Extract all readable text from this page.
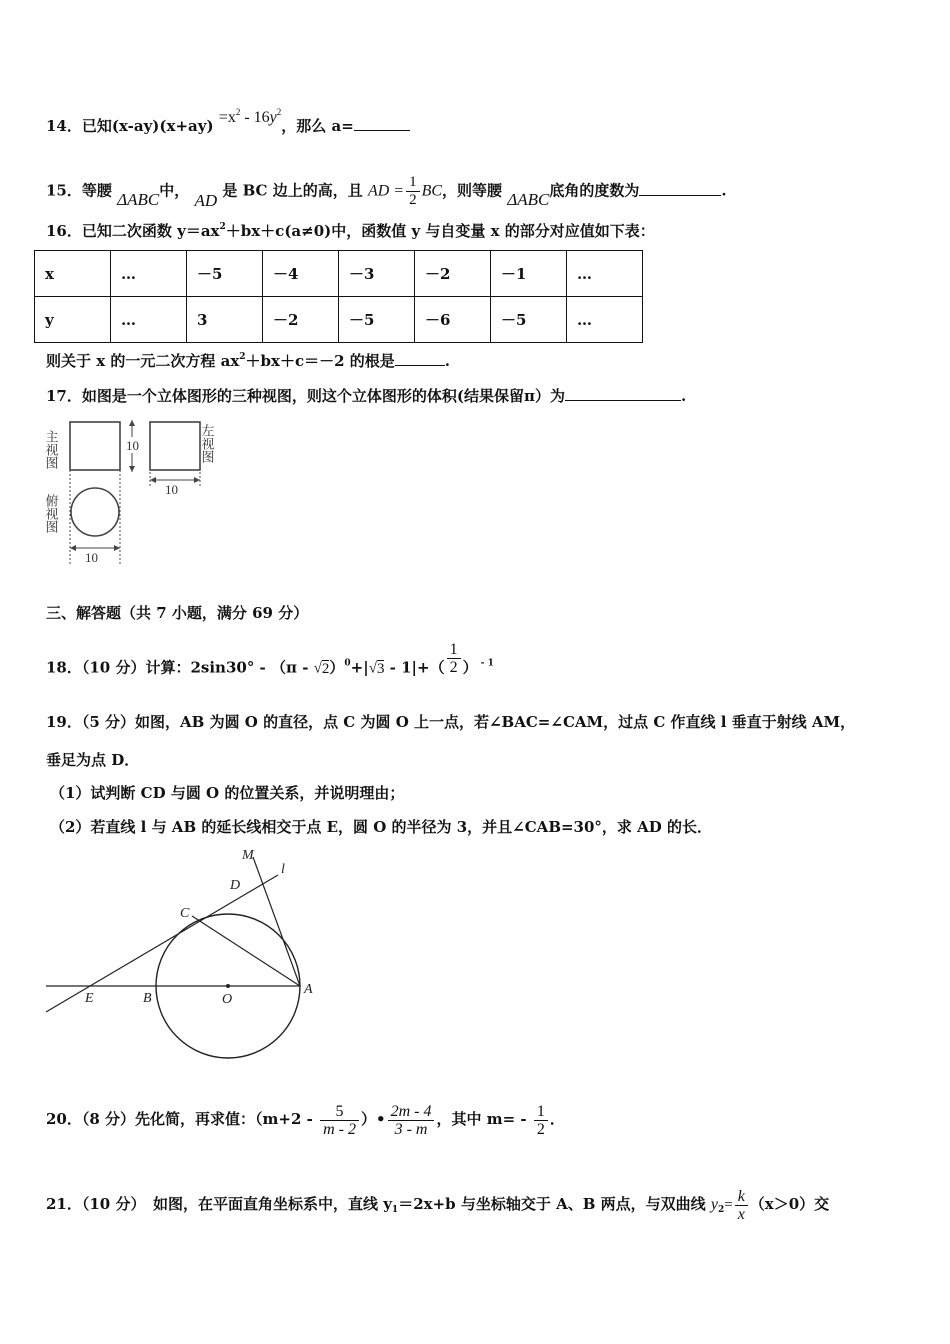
14．已知$(x-ay)(x+ay) =x^2 - 16y^2$，那么 a=
15．等腰 ΔABC中， AD 是 BC 边上的高，且 AD = $\frac{1}{2}$ BC，则等腰 ΔABC底角的度数为	.
16．已知二次函数 $y=ax^2+bx+c(a\ne 0)$中，函数值 y 与自变量 x 的部分对应值如下表：
x	…	－5	－4	－3	－2	－1	…
y	…	3	－2	－5	－6	－5	…
则关于 x 的一元二次方程 $ax^2+bx+c=-2$ 的根是	.
17．如图是一个立体图形的三种视图，则这个立体图形的体积(结果保留π）为	.
主视图	左视图
俯视图
10
10
10
三、解答题（共 7 小题，满分 69 分）
18．（10 分）计算：$2\sin 30^\circ - (\pi - √2)^0+|√3 - 1|+( \frac{1}{2}$ ） $^{- 1}$
19．（5 分）如图，AB 为圆 O 的直径，点 C 为圆 O 上一点，若∠BAC=∠CAM，过点 C 作直线 l 垂直于射线 AM，
垂足为点 D．
（1）试判断 CD 与圆 O 的位置关系，并说明理由；
（2）若直线 l 与 AB 的延长线相交于点 E，圆 O 的半径为 3，并且∠CAB=30°，求 AD 的长．
M
l
D
C
E	B	O
A
20．（8 分）先化简，再求值：（$m+2 - \frac{5}{m - 2}$ ）• $\frac{2m - 4}{3 - m}$ ，其中 $m= - \frac{1}{2}$ ．
21．（10 分）　如图，在平面直角坐标系中，直线 $y_1=2x+b$ 与坐标轴交于 A、B 两点，与双曲线 $y_2= \frac{k}{x} (x>0)$交
